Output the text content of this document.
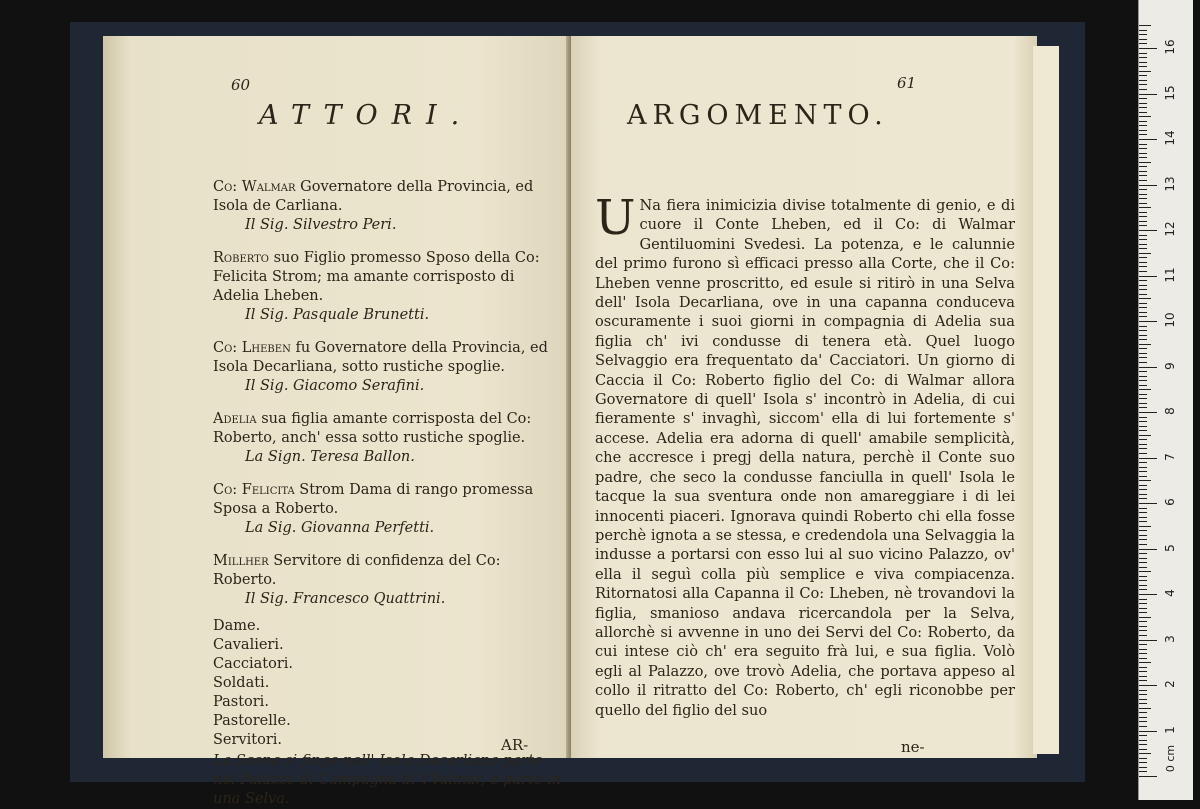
60
ATTORI.
Co: Walmar Governatore della Provincia, ed Isola de Carliana.
Il Sig. Silvestro Peri.
Roberto suo Figlio promesso Sposo della Co: Felicita Strom; ma amante corrisposto di Adelia Lheben.
Il Sig. Pasquale Brunetti.
Co: Lheben fu Governatore della Provincia, ed Isola Decarliana, sotto rustiche spoglie.
Il Sig. Giacomo Serafini.
Adelia sua figlia amante corrisposta del Co: Roberto, anch' essa sotto rustiche spoglie.
La Sign. Teresa Ballon.
Co: Felicita Strom Dama di rango promessa Sposa a Roberto.
La Sig. Giovanna Perfetti.
Millher Servitore di confidenza del Co: Roberto.
Il Sig. Francesco Quattrini.
Dame.
Cavalieri.
Cacciatori.
Soldati.
Pastori.
Pastorelle.
Servitori.
La Scena si finge nell' Isola Decarliana parte nel Palazzo di Campagna di VValmar, e parte in una Selva.
AR-
61
ARGOMENTO.
U Na fiera inimicizia divise totalmente di genio, e di cuore il Conte Lheben, ed il Co: di Walmar Gentiluomini Svedesi. La potenza, e le calunnie del primo furono sì efficaci presso alla Corte, che il Co: Lheben venne proscritto, ed esule si ritirò in una Selva dell' Isola Decarliana, ove in una capanna conduceva oscuramente i suoi giorni in compagnia di Adelia sua figlia ch' ivi condusse di tenera età. Quel luogo Selvaggio era frequentato da' Cacciatori. Un giorno di Caccia il Co: Roberto figlio del Co: di Walmar allora Governatore di quell' Isola s' incontrò in Adelia, di cui fieramente s' invaghì, siccom' ella di lui fortemente s' accese. Adelia era adorna di quell' amabile semplicità, che accresce i pregj della natura, perchè il Conte suo padre, che seco la condusse fanciulla in quell' Isola le tacque la sua sventura onde non amareggiare i di lei innocenti piaceri. Ignorava quindi Roberto chi ella fosse perchè ignota a se stessa, e credendola una Selvaggia la indusse a portarsi con esso lui al suo vicino Palazzo, ov' ella il seguì colla più semplice e viva compiacenza. Ritornatosi alla Capanna il Co: Lheben, nè trovandovi la figlia, smanioso andava ricercandola per la Selva, allorchè si avvenne in uno dei Servi del Co: Roberto, da cui intese ciò ch' era seguito frà lui, e sua figlia. Volò egli al Palazzo, ove trovò Adelia, che portava appeso al collo il ritratto del Co: Roberto, ch' egli riconobbe per quello del figlio del suo
ne-	0 cm
1
2
3
4
5
6
7
8
9
10
11
12
13
14
15
16
